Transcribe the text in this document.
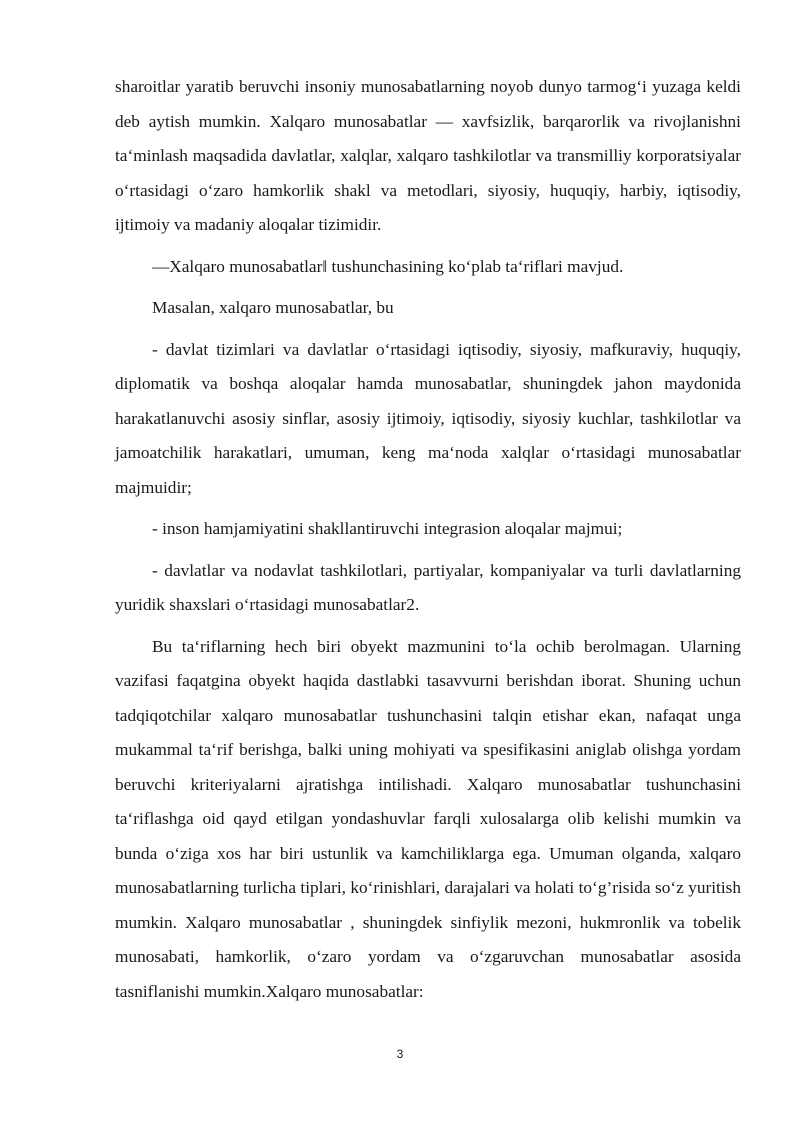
sharoitlar yaratib beruvchi insoniy munosabatlarning noyob dunyo tarmog‘i yuzaga keldi deb aytish mumkin. Xalqaro munosabatlar — xavfsizlik, barqarorlik va rivojlanishni ta‘minlash maqsadida davlatlar, xalqlar, xalqaro tashkilotlar va transmilliy korporatsiyalar o‘rtasidagi o‘zaro hamkorlik shakl va metodlari, siyosiy, huquqiy, harbiy, iqtisodiy, ijtimoiy va madaniy aloqalar tizimidir.

―Xalqaro munosabatlar‖ tushunchasining ko‘plab ta‘riflari mavjud.

Masalan, xalqaro munosabatlar, bu

- davlat tizimlari va davlatlar o‘rtasidagi iqtisodiy, siyosiy, mafkuraviy, huquqiy, diplomatik va boshqa aloqalar hamda munosabatlar, shuningdek jahon maydonida harakatlanuvchi asosiy sinflar, asosiy ijtimoiy, iqtisodiy, siyosiy kuchlar, tashkilotlar va jamoatchilik harakatlari, umuman, keng ma‘noda xalqlar o‘rtasidagi munosabatlar majmuidir;

- inson hamjamiyatini shakllantiruvchi integrasion aloqalar majmui;

- davlatlar va nodavlat tashkilotlari, partiyalar, kompaniyalar va turli davlatlarning yuridik shaxslari o‘rtasidagi munosabatlar2.

Bu ta‘riflarning hech biri obyekt mazmunini to‘la ochib berolmagan. Ularning vazifasi faqatgina obyekt haqida dastlabki tasavvurni berishdan iborat. Shuning uchun tadqiqotchilar xalqaro munosabatlar tushunchasini talqin etishar ekan, nafaqat unga mukammal ta‘rif berishga, balki uning mohiyati va spesifikasini aniglab olishga yordam beruvchi kriteriyalarni ajratishga intilishadi. Xalqaro munosabatlar tushunchasini ta‘riflashga oid qayd etilgan yondashuvlar farqli xulosalarga olib kelishi mumkin va bunda o‘ziga xos har biri ustunlik va kamchiliklarga ega. Umuman olganda, xalqaro munosabatlarning turlicha tiplari, ko‘rinishlari, darajalari va holati to‘g’risida so‘z yuritish mumkin. Xalqaro munosabatlar , shuningdek sinfiylik mezoni, hukmronlik va tobelik munosabati, hamkorlik, o‘zaro yordam va o‘zgaruvchan munosabatlar asosida tasniflanishi mumkin.Xalqaro munosabatlar:

3
